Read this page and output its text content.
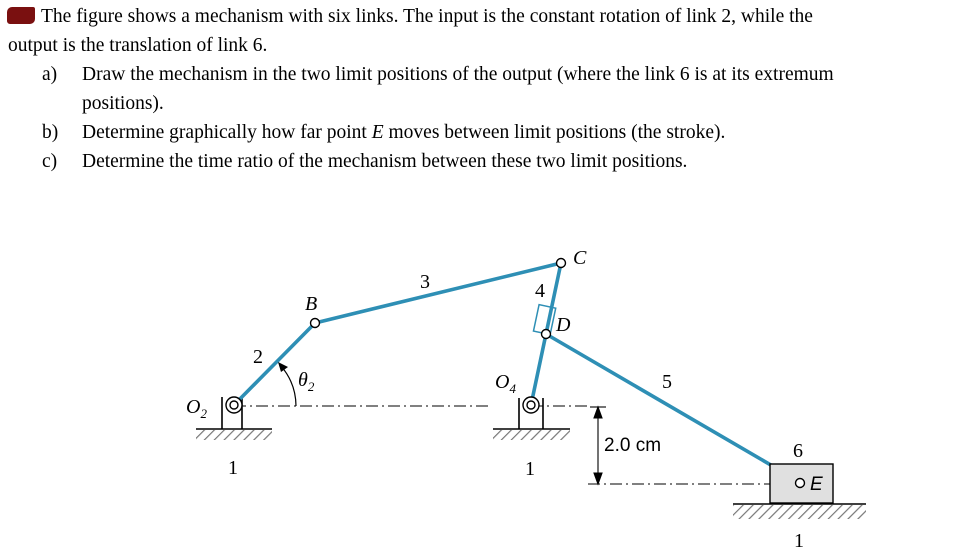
The figure shows a mechanism with six links. The input is the constant rotation of link 2, while the
output is the translation of link 6.
a) Draw the mechanism in the two limit positions of the output (where the link 6 is at its extremum
positions).
b) Determine graphically how far point E moves between limit positions (the stroke).
c) Determine the time ratio of the mechanism between these two limit positions.
2
3	4
5
6
1	1
1
B
C
D
E
$O_2$
$O_4$
$\theta_2$
2.0 cm
